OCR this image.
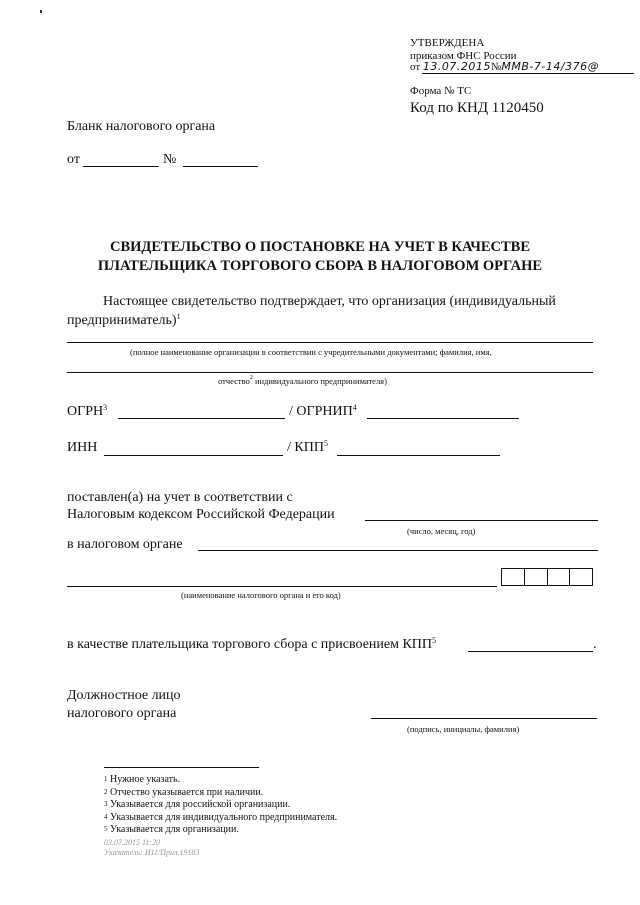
УТВЕРЖДЕНА
приказом ФНС России
от 13.07.2015№ММВ-7-14/376@
Форма № ТС
Код по КНД 1120450
Бланк налогового органа
от	№
СВИДЕТЕЛЬСТВО О ПОСТАНОВКЕ НА УЧЕТ В КАЧЕСТВЕ
ПЛАТЕЛЬЩИКА ТОРГОВОГО СБОРА В НАЛОГОВОМ ОРГАНЕ
Настоящее свидетельство подтверждает, что организация (индивидуальный
предприниматель)$^1$
(полное наименование организации в соответствии с учредительными документами; фамилия, имя,
отчество$^2$ индивидуального предпринимателя)
ОГРН$^3$	/ ОГРНИП$^4$
ИНН	/ КПП$^5$
поставлен(а) на учет в соответствии с
Налоговым кодексом Российской Федерации
(число, месяц, год)
в налоговом органе
(наименование налогового органа и его код)
в качестве плательщика торгового сбора с присвоением КПП$^5$	.
Должностное лицо
налогового органа
(подпись, инициалы, фамилия)
$^1$ Нужное указать.
$^2$ Отчество указывается при наличии.
$^3$ Указывается для российской организации.
$^4$ Указывается для индивидуального предпринимателя.
$^5$ Указывается для организации.
03.07.2015 11:20
Указатель: И11/Прил.19183
